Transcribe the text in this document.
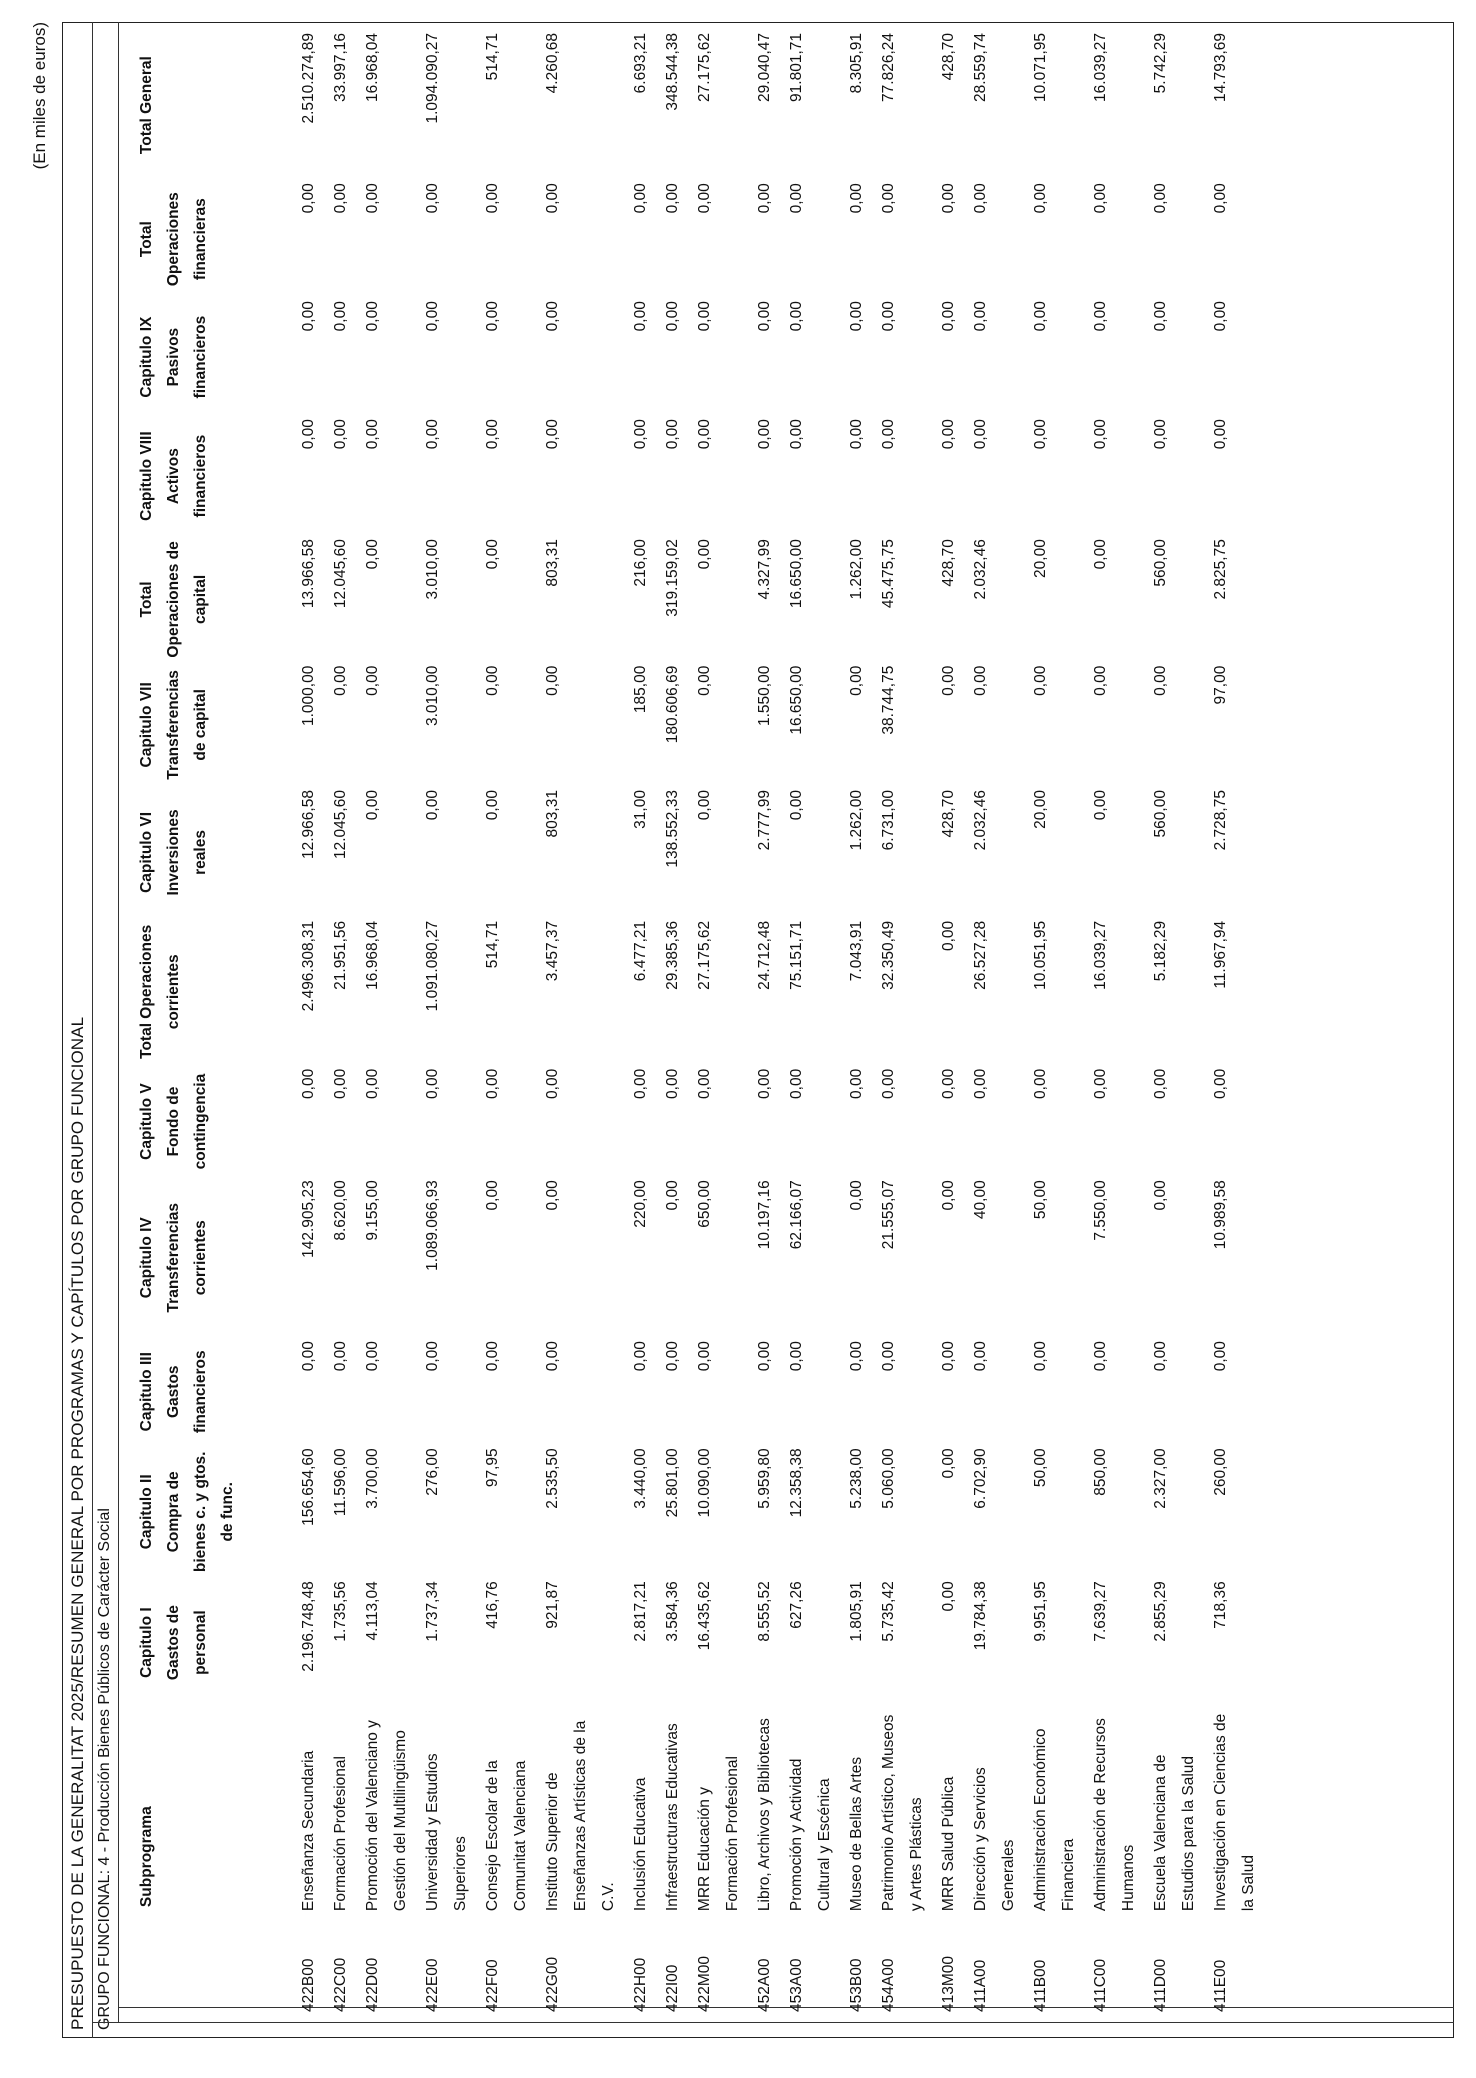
(En miles de euros)
PRESUPUESTO DE LA GENERALITAT 2025/RESUMEN GENERAL POR PROGRAMAS Y CAPÍTULOS POR GRUPO FUNCIONAL GRUPO FUNCIONAL: 4 - Producción Bienes Públicos de Carácter Social
	Subprograma	Capitulo I Gastos de personal	Capitulo II Compra de bienes c. y gtos. de func.	Capitulo III Gastos financieros	Capitulo IV Transferencias corrientes	Capitulo V Fondo de contingencia	Total Operaciones corrientes	Capitulo VI Inversiones reales	Capitulo VII Transferencias de capital	Total Operaciones de capital	Capitulo VIII Activos financieros	Capitulo IX Pasivos financieros	Total Operaciones financieras	Total General
422B00	Enseñanza Secundaria	2.196.748,48	156.654,60	0,00	142.905,23	0,00	2.496.308,31	12.966,58	1.000,00	13.966,58	0,00	0,00	0,00	2.510.274,89
422C00	Formación Profesional	1.735,56	11.596,00	0,00	8.620,00	0,00	21.951,56	12.045,60	0,00	12.045,60	0,00	0,00	0,00	33.997,16
422D00	Promoción del Valenciano y Gestión del Multilingüismo	4.113,04	3.700,00	0,00	9.155,00	0,00	16.968,04	0,00	0,00	0,00	0,00	0,00	0,00	16.968,04
422E00	Universidad y Estudios Superiores	1.737,34	276,00	0,00	1.089.066,93	0,00	1.091.080,27	0,00	3.010,00	3.010,00	0,00	0,00	0,00	1.094.090,27
422F00	Consejo Escolar de la Comunitat Valenciana	416,76	97,95	0,00	0,00	0,00	514,71	0,00	0,00	0,00	0,00	0,00	0,00	514,71
422G00	Instituto Superior de Enseñanzas Artísticas de la C.V.	921,87	2.535,50	0,00	0,00	0,00	3.457,37	803,31	0,00	803,31	0,00	0,00	0,00	4.260,68
422H00	Inclusión Educativa	2.817,21	3.440,00	0,00	220,00	0,00	6.477,21	31,00	185,00	216,00	0,00	0,00	0,00	6.693,21
422I00	Infraestructuras Educativas	3.584,36	25.801,00	0,00	0,00	0,00	29.385,36	138.552,33	180.606,69	319.159,02	0,00	0,00	0,00	348.544,38
422M00	MRR Educación y Formación Profesional	16.435,62	10.090,00	0,00	650,00	0,00	27.175,62	0,00	0,00	0,00	0,00	0,00	0,00	27.175,62
452A00	Libro, Archivos y Bibliotecas	8.555,52	5.959,80	0,00	10.197,16	0,00	24.712,48	2.777,99	1.550,00	4.327,99	0,00	0,00	0,00	29.040,47
453A00	Promoción y Actividad Cultural y Escénica	627,26	12.358,38	0,00	62.166,07	0,00	75.151,71	0,00	16.650,00	16.650,00	0,00	0,00	0,00	91.801,71
453B00	Museo de Bellas Artes	1.805,91	5.238,00	0,00	0,00	0,00	7.043,91	1.262,00	0,00	1.262,00	0,00	0,00	0,00	8.305,91
454A00	Patrimonio Artístico, Museos y Artes Plásticas	5.735,42	5.060,00	0,00	21.555,07	0,00	32.350,49	6.731,00	38.744,75	45.475,75	0,00	0,00	0,00	77.826,24
413M00	MRR Salud Pública	0,00	0,00	0,00	0,00	0,00	0,00	428,70	0,00	428,70	0,00	0,00	0,00	428,70
411A00	Dirección y Servicios Generales	19.784,38	6.702,90	0,00	40,00	0,00	26.527,28	2.032,46	0,00	2.032,46	0,00	0,00	0,00	28.559,74
411B00	Administración Económico Financiera	9.951,95	50,00	0,00	50,00	0,00	10.051,95	20,00	0,00	20,00	0,00	0,00	0,00	10.071,95
411C00	Administración de Recursos Humanos	7.639,27	850,00	0,00	7.550,00	0,00	16.039,27	0,00	0,00	0,00	0,00	0,00	0,00	16.039,27
411D00	Escuela Valenciana de Estudios para la Salud	2.855,29	2.327,00	0,00	0,00	0,00	5.182,29	560,00	0,00	560,00	0,00	0,00	0,00	5.742,29
411E00	Investigación en Ciencias de la Salud	718,36	260,00	0,00	10.989,58	0,00	11.967,94	2.728,75	97,00	2.825,75	0,00	0,00	0,00	14.793,69
